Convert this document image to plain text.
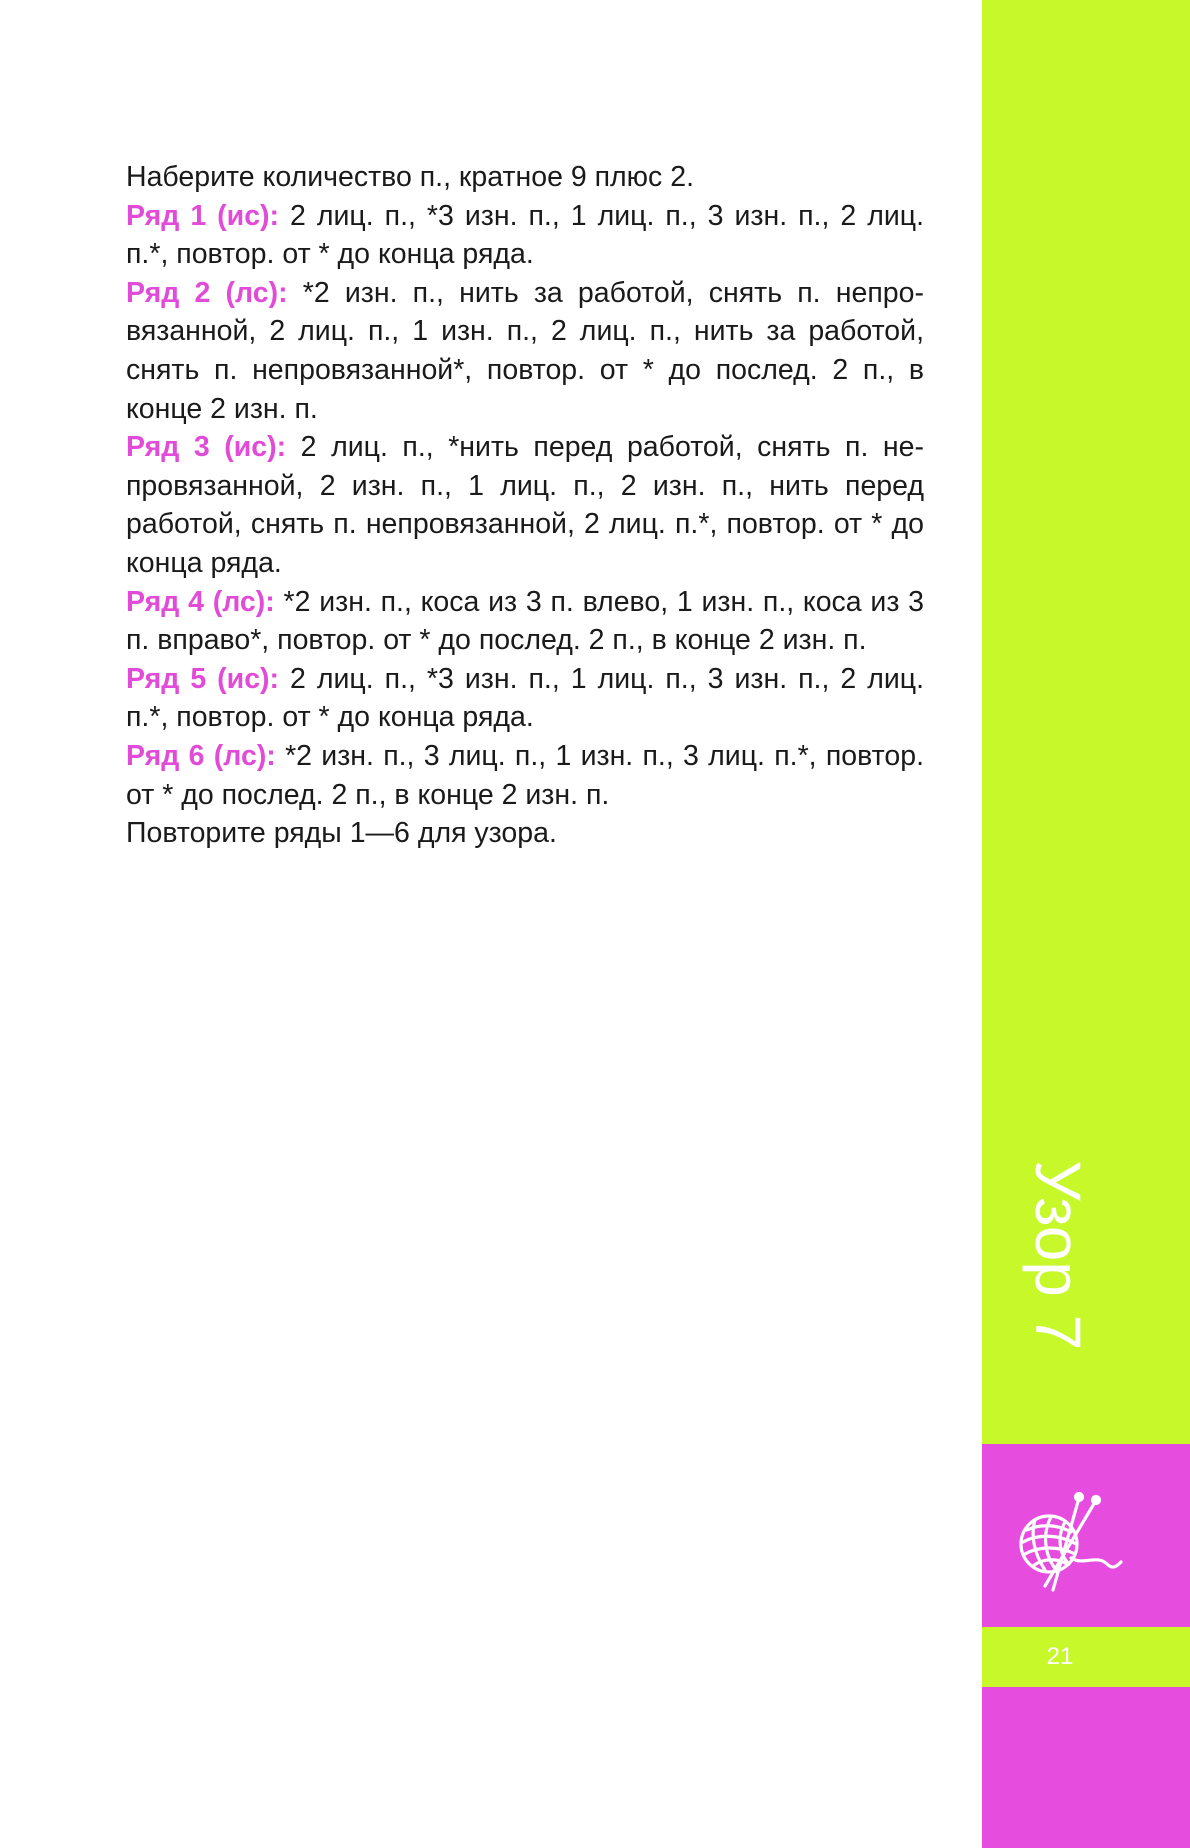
Наберите количество п., кратное 9 плюс 2.

Ряд 1 (ис): 2 лиц. п., *3 изн. п., 1 лиц. п., 3 изн. п., 2 лиц. п.*, повтор. от * до конца ряда.

Ряд 2 (лс): *2 изн. п., нить за работой, снять п. непровязанной, 2 лиц. п., 1 изн. п., 2 лиц. п., нить за работой, снять п. непровязанной*, повтор. от * до послед. 2 п., в конце 2 изн. п.

Ряд 3 (ис): 2 лиц. п., *нить перед работой, снять п. непровязанной, 2 изн. п., 1 лиц. п., 2 изн. п., нить перед работой, снять п. непровязанной, 2 лиц. п.*, повтор. от * до конца ряда.

Ряд 4 (лс): *2 изн. п., коса из 3 п. влево, 1 изн. п., коса из 3 п. вправо*, повтор. от * до послед. 2 п., в конце 2 изн. п.

Ряд 5 (ис): 2 лиц. п., *3 изн. п., 1 лиц. п., 3 изн. п., 2 лиц. п.*, повтор. от * до конца ряда.

Ряд 6 (лс): *2 изн. п., 3 лиц. п., 1 изн. п., 3 лиц. п.*, повтор. от * до послед. 2 п., в конце 2 изн. п.

Повторите ряды 1—6 для узора.

Узор 7
21
